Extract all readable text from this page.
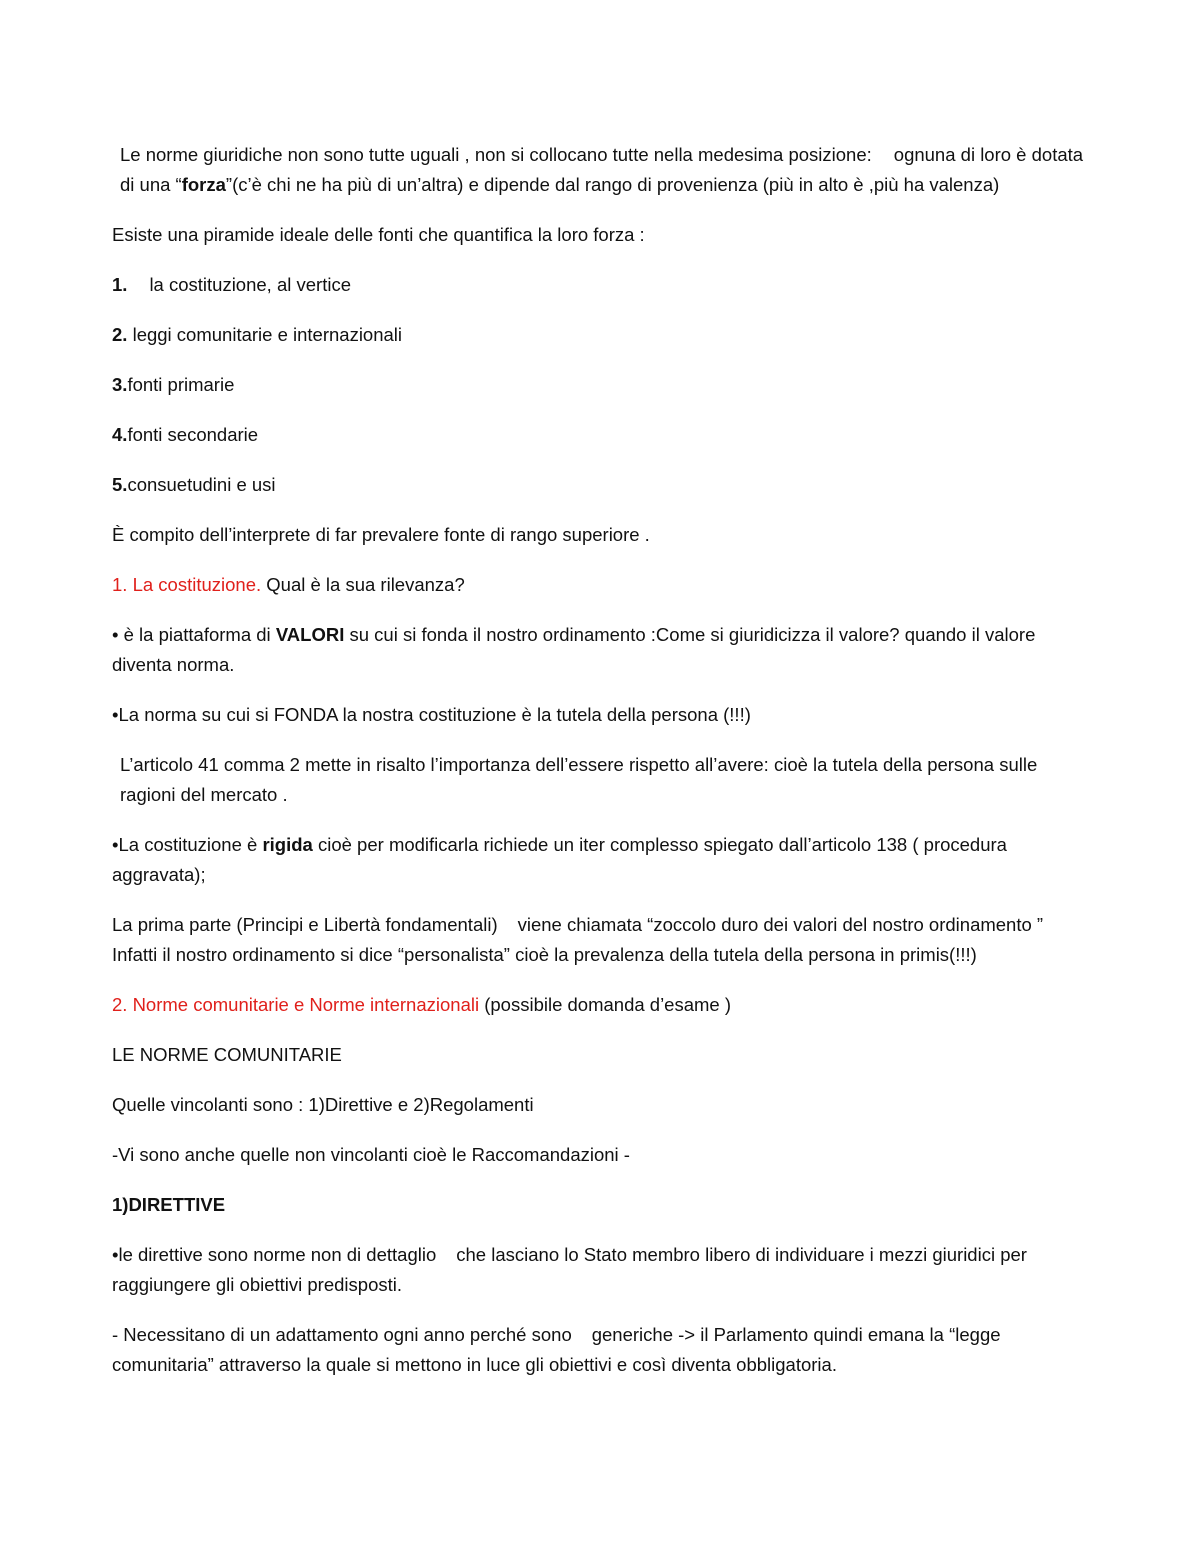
Le norme giuridiche non sono tutte uguali , non si collocano tutte nella medesima posizione: ognuna di loro è dotata di una “forza”(c’è chi ne ha più di un’altra) e dipende dal rango di provenienza (più in alto è ,più ha valenza)

Esiste una piramide ideale delle fonti che quantifica la loro forza :

1. la costituzione, al vertice

2. leggi comunitarie e internazionali

3.fonti primarie

4.fonti secondarie

5.consuetudini e usi

È compito dell’interprete di far prevalere fonte di rango superiore .

1. La costituzione. Qual è la sua rilevanza?

• è la piattaforma di VALORI su cui si fonda il nostro ordinamento :Come si giuridicizza il valore? quando il valore diventa norma.

•La norma su cui si FONDA la nostra costituzione è la tutela della persona (!!!)

L’articolo 41 comma 2 mette in risalto l’importanza dell’essere rispetto all’avere: cioè la tutela della persona sulle ragioni del mercato .

•La costituzione è rigida cioè per modificarla richiede un iter complesso spiegato dall’articolo 138 ( procedura aggravata);

La prima parte (Principi e Libertà fondamentali) viene chiamata “zoccolo duro dei valori del nostro ordinamento ” Infatti il nostro ordinamento si dice “personalista” cioè la prevalenza della tutela della persona in primis(!!!)

2. Norme comunitarie e Norme internazionali (possibile domanda d’esame )

LE NORME COMUNITARIE

Quelle vincolanti sono : 1)Direttive e 2)Regolamenti

-Vi sono anche quelle non vincolanti cioè le Raccomandazioni -

1)DIRETTIVE

•le direttive sono norme non di dettaglio che lasciano lo Stato membro libero di individuare i mezzi giuridici per raggiungere gli obiettivi predisposti.

- Necessitano di un adattamento ogni anno perché sono generiche -> il Parlamento quindi emana la “legge comunitaria” attraverso la quale si mettono in luce gli obiettivi e così diventa obbligatoria.
